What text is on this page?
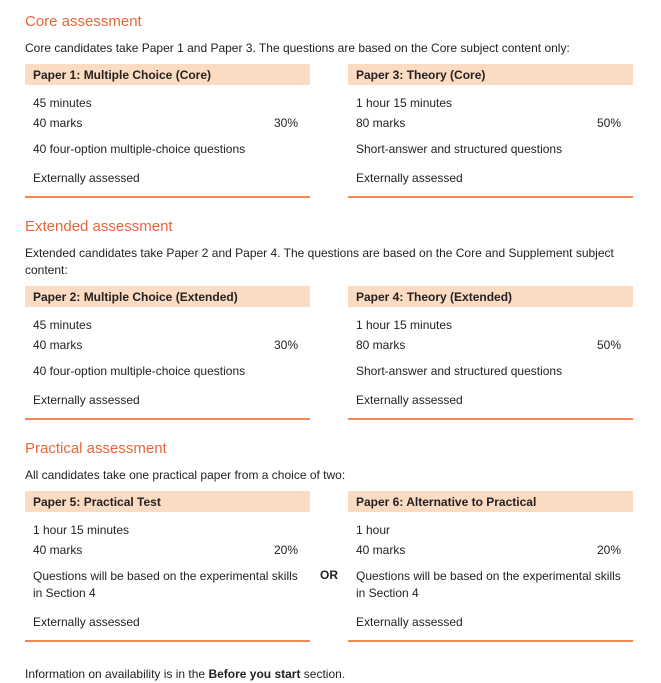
Core assessment

Core candidates take Paper 1 and Paper 3. The questions are based on the Core subject content only:

Paper 1: Multiple Choice (Core)
45 minutes
40 marks	30%
40 four-option multiple-choice questions
Externally assessed
Paper 3: Theory (Core)
1 hour 15 minutes
80 marks	50%
Short-answer and structured questions
Externally assessed
Extended assessment

Extended candidates take Paper 2 and Paper 4. The questions are based on the Core and Supplement subject content:

Paper 2: Multiple Choice (Extended)
45 minutes
40 marks	30%
40 four-option multiple-choice questions
Externally assessed
Paper 4: Theory (Extended)
1 hour 15 minutes
80 marks	50%
Short-answer and structured questions
Externally assessed
Practical assessment

All candidates take one practical paper from a choice of two:

Paper 5: Practical Test
1 hour 15 minutes
40 marks	20%
Questions will be based on the experimental skills in Section 4
Externally assessed
OR
Paper 6: Alternative to Practical
1 hour
40 marks	20%
Questions will be based on the experimental skills in Section 4
Externally assessed

Information on availability is in the Before you start section.
